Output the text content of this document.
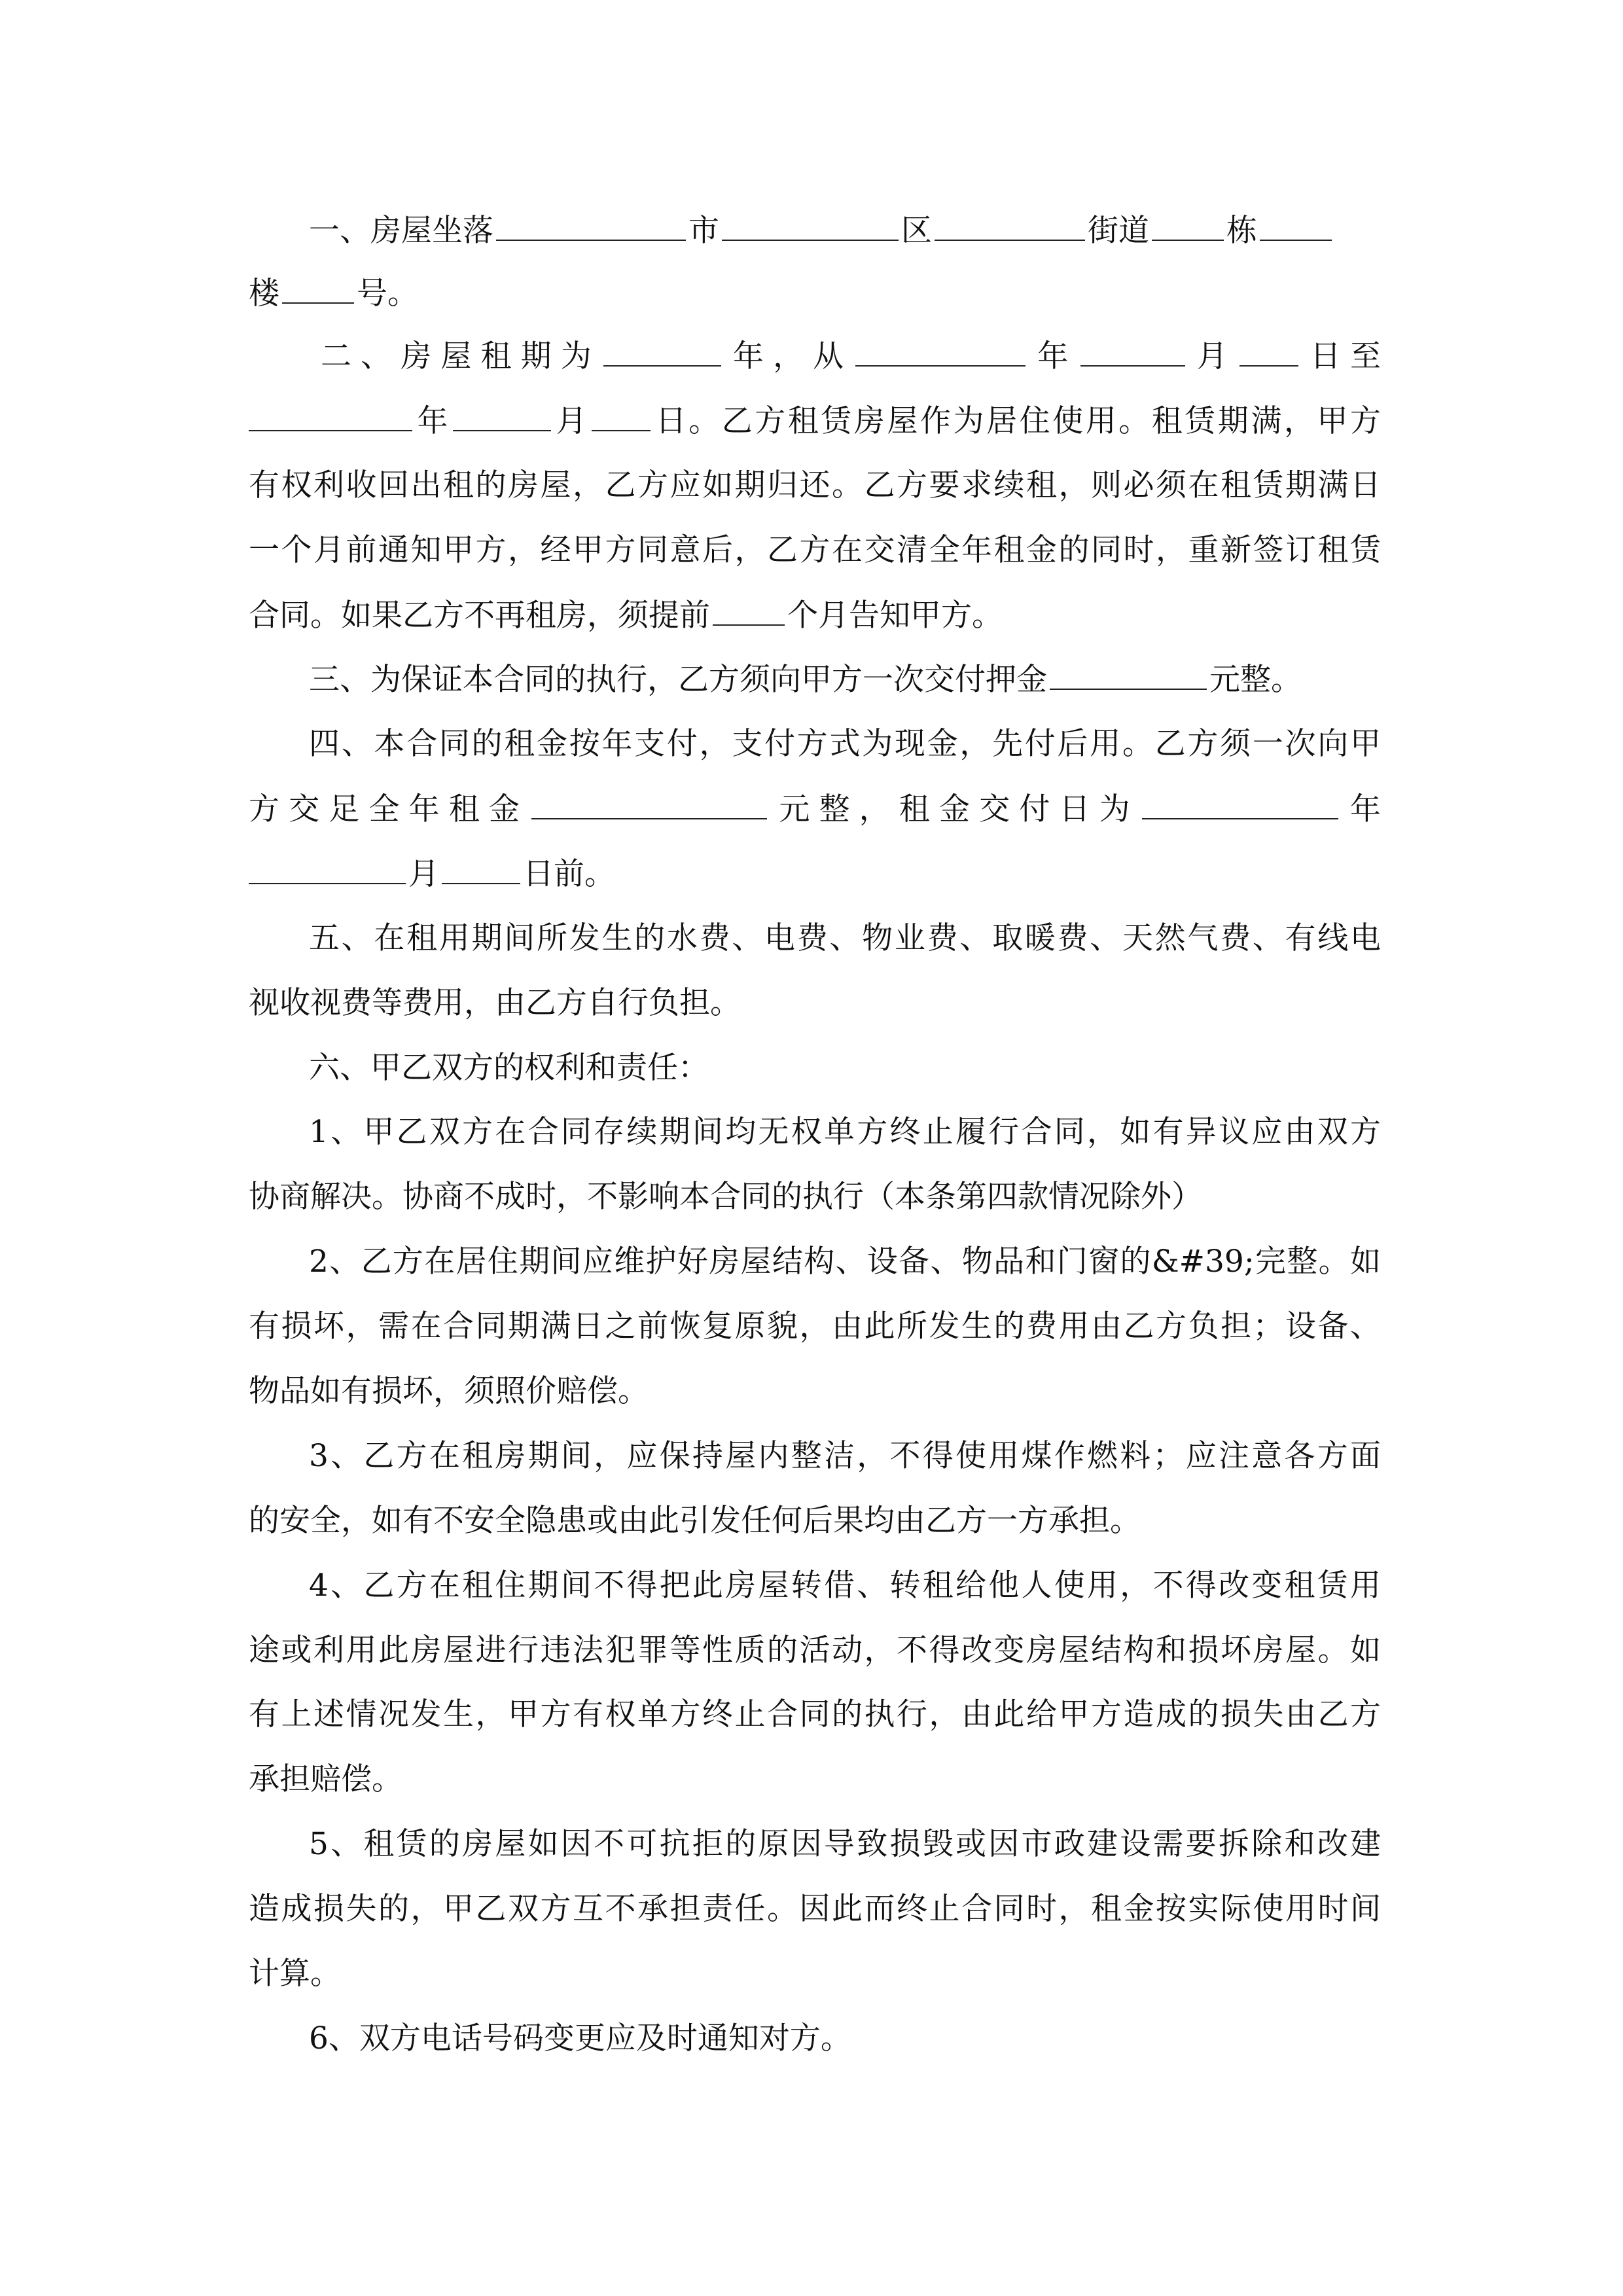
一、房屋坐落	市	区	街道	栋
楼	号。
二、房屋租期为	年，从	年	月 日至
年	月 日。乙方租赁房屋作为居住使用。租赁期满，甲方
有权利收回出租的房屋，乙方应如期归还。乙方要求续租，则必须在租赁期满日
一个月前通知甲方，经甲方同意后，乙方在交清全年租金的同时，重新签订租赁
合同。如果乙方不再租房，须提前	个月告知甲方。
三、为保证本合同的执行，乙方须向甲方一次交付押金	元整。
四、本合同的租金按年支付，支付方式为现金，先付后用。乙方须一次向甲
方交足全年租金	元整，租金交付日为	年
月	日前。
五、在租用期间所发生的水费、电费、物业费、取暖费、天然气费、有线电
视收视费等费用，由乙方自行负担。
六、甲乙双方的权利和责任：
1、甲乙双方在合同存续期间均无权单方终止履行合同，如有异议应由双方
协商解决。协商不成时，不影响本合同的执行（本条第四款情况除外）
2、乙方在居住期间应维护好房屋结构、设备、物品和门窗的&#39;完整。如
有损坏，需在合同期满日之前恢复原貌，由此所发生的费用由乙方负担；设备、
物品如有损坏，须照价赔偿。
3、乙方在租房期间，应保持屋内整洁，不得使用煤作燃料；应注意各方面
的安全，如有不安全隐患或由此引发任何后果均由乙方一方承担。
4、乙方在租住期间不得把此房屋转借、转租给他人使用，不得改变租赁用
途或利用此房屋进行违法犯罪等性质的活动，不得改变房屋结构和损坏房屋。如
有上述情况发生，甲方有权单方终止合同的执行，由此给甲方造成的损失由乙方
承担赔偿。
5、租赁的房屋如因不可抗拒的原因导致损毁或因市政建设需要拆除和改建
造成损失的，甲乙双方互不承担责任。因此而终止合同时，租金按实际使用时间
计算。
6、双方电话号码变更应及时通知对方。
